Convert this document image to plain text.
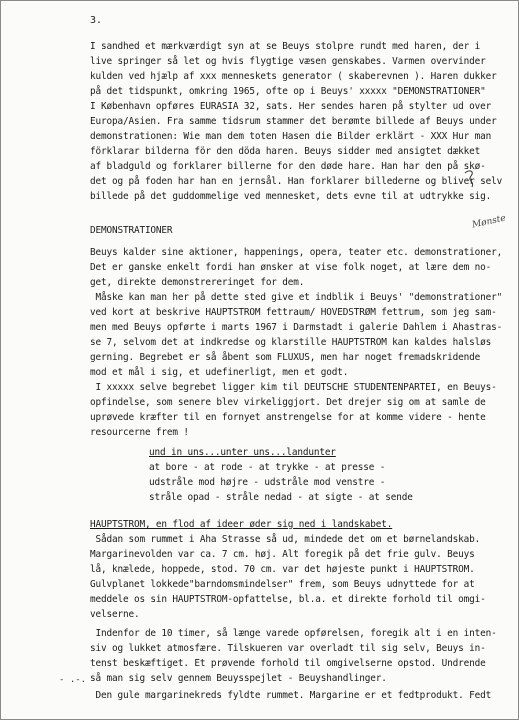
3.
I sandhed et mærkværdigt syn at se Beuys stolpre rundt med haren, der i
live springer så let og hvis flygtige væsen genskabes. Varmen overvinder
kulden ved hjælp af xxx menneskets generator ( skaberevnen ). Haren dukker
på det tidspunkt, omkring 1965, ofte op i Beuys' xxxxx "DEMONSTRATIONER"
I København opføres EURASIA 32, sats. Her sendes haren på stylter ud over
Europa/Asien. Fra samme tidsrum stammer det berømte billede af Beuys under
demonstrationen: Wie man dem toten Hasen die Bilder erklärt - XXX Hur man
förklarar bilderna för den döda haren. Beuys sidder med ansigtet dækket
af bladguld og forklarer billerne for den døde hare. Han har den på skø-
det og på foden har han en jernsål. Han forklarer billederne og bliver selv
billede på det guddommelige ved mennesket, dets evne til at udtrykke sig.
Mønste
DEMONSTRATIONER
Beuys kalder sine aktioner, happenings, opera, teater etc. demonstrationer,
Det er ganske enkelt fordi han ønsker at vise folk noget, at lære dem no-
get, direkte demonstrereringet for dem.
Måske kan man her på dette sted give et indblik i Beuys' "demonstrationer"
ved kort at beskrive HAUPTSTROM fettraum/ HOVEDSTRØM fettrum, som jeg sam-
men med Beuys opførte i marts 1967 i Darmstadt i galerie Dahlem i Ahastras-
se 7, selvom det at indkredse og klarstille HAUPTSTROM kan kaldes halsløs
gerning. Begrebet er så åbent som FLUXUS, men har noget fremadskridende
mod et mål i sig, et udefinerligt, men et godt.
I xxxxx selve begrebet ligger kim til DEUTSCHE STUDENTENPARTEI, en Beuys-
opfindelse, som senere blev virkeliggjort. Det drejer sig om at samle de
uprøvede kræfter til en fornyet anstrengelse for at komme videre - hente
resourcerne frem !
und in uns...unter uns...landunter
at bore - at rode - at trykke - at presse -
udstråle mod højre - udstråle mod venstre -
stråle opad - stråle nedad - at sigte - at sende
HAUPTSTROM, en flod af ideer øder sig ned i landskabet.
Sådan som rummet i Aha Strasse så ud, mindede det om et børnelandskab.
Margarinevolden var ca. 7 cm. høj. Alt foregik på det frie gulv. Beuys
lå, knælede, hoppede, stod. 70 cm. var det højeste punkt i HAUPTSTROM.
Gulvplanet lokkede"barndomsmindelser" frem, som Beuys udnyttede for at
meddele os sin HAUPTSTROM-opfattelse, bl.a. et direkte forhold til omgi-
velserne.
Indenfor de 10 timer, så længe varede opførelsen, foregik alt i en inten-
siv og lukket atmosfære. Tilskueren var overladt til sig selv, Beuys in-
tenst beskæftiget. Et prøvende forhold til omgivelserne opstod. Undrende
så man sig selv gennem Beuysspejlet - Beuyshandlinger.
Den gule margarinekreds fyldte rummet. Margarine er et fedtprodukt. Fedt
- .-.
